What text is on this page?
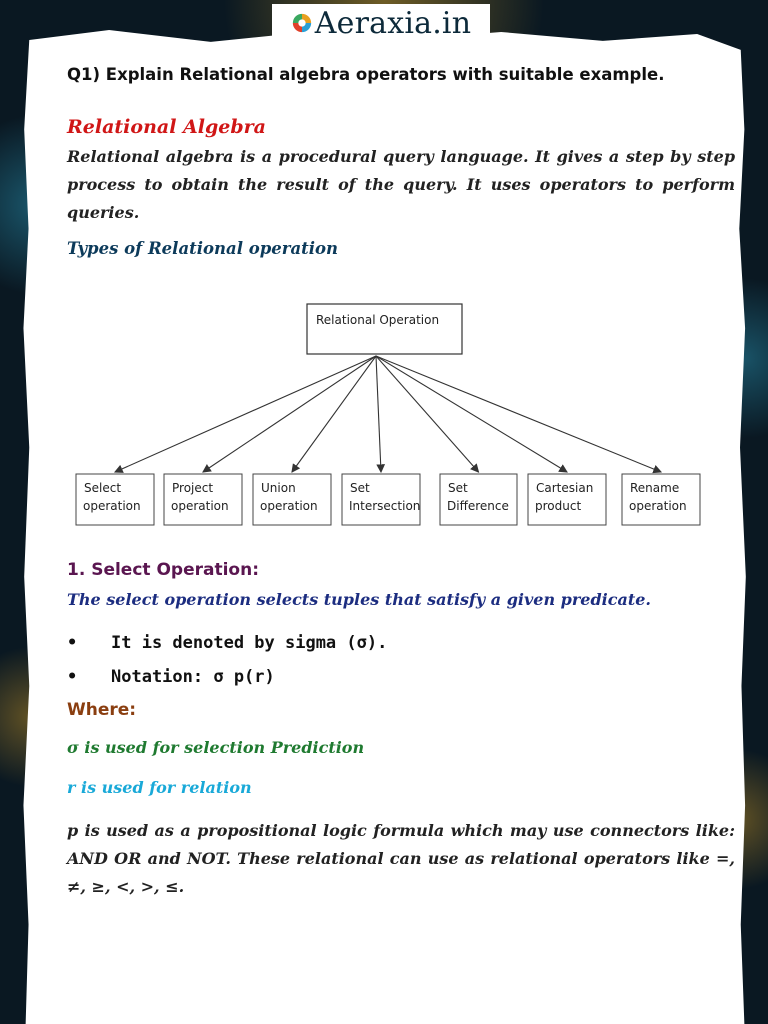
Aeraxia.in
Q1) Explain Relational algebra operators with suitable example.
Relational Algebra
Relational algebra is a procedural query language. It gives a step by step process to obtain the result of the query. It uses operators to perform queries.
Types of Relational operation
Relational Operation
Select
operation
Project
operation
Union
operation
Set
Intersection
Set
Difference
Cartesian
product
Rename
operation
1. Select Operation:
The select operation selects tuples that satisfy a given predicate.
•	It is denoted by sigma (σ).
•	Notation: σ p(r)
Where:
σ is used for selection Prediction
r is used for relation
p is used as a propositional logic formula which may use connectors like: AND OR and NOT. These relational can use as relational operators like =, ≠, ≥, <, >, ≤.
